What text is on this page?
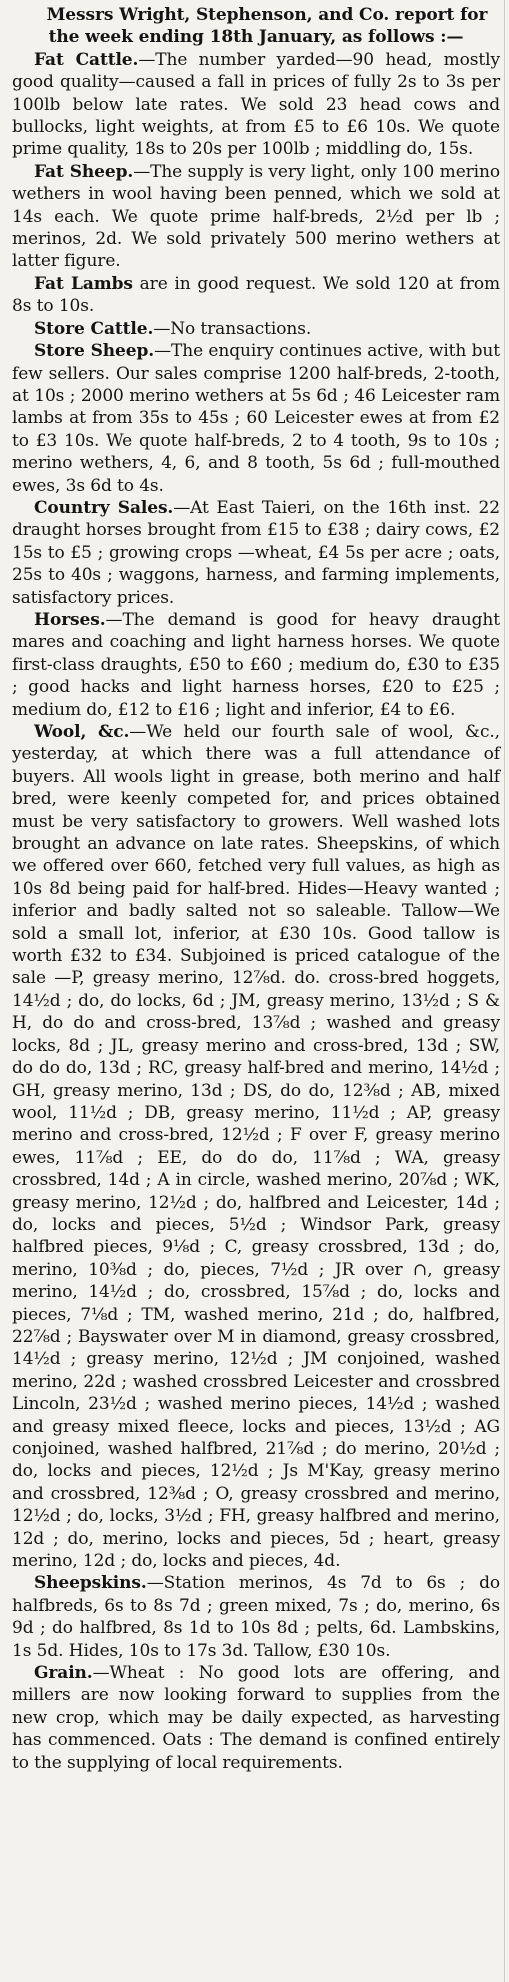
Messrs Wright, Stephenson, and Co. report for the week ending 18th January, as follows :—

Fat Cattle.—The number yarded—90 head, mostly good quality—caused a fall in prices of fully 2s to 3s per 100lb below late rates. We sold 23 head cows and bullocks, light weights, at from £5 to £6 10s. We quote prime quality, 18s to 20s per 100lb ; middling do, 15s.

Fat Sheep.—The supply is very light, only 100 merino wethers in wool having been penned, which we sold at 14s each. We quote prime half-breds, 2½d per lb ; merinos, 2d. We sold privately 500 merino wethers at latter figure.

Fat Lambs are in good request. We sold 120 at from 8s to 10s.

Store Cattle.—No transactions.

Store Sheep.—The enquiry continues active, with but few sellers. Our sales comprise 1200 half-breds, 2-tooth, at 10s ; 2000 merino wethers at 5s 6d ; 46 Leicester ram lambs at from 35s to 45s ; 60 Leicester ewes at from £2 to £3 10s. We quote half-breds, 2 to 4 tooth, 9s to 10s ; merino wethers, 4, 6, and 8 tooth, 5s 6d ; full-mouthed ewes, 3s 6d to 4s.

Country Sales.—At East Taieri, on the 16th inst. 22 draught horses brought from £15 to £38 ; dairy cows, £2 15s to £5 ; growing crops —wheat, £4 5s per acre ; oats, 25s to 40s ; waggons, harness, and farming implements, satisfactory prices.

Horses.—The demand is good for heavy draught mares and coaching and light harness horses. We quote first-class draughts, £50 to £60 ; medium do, £30 to £35 ; good hacks and light harness horses, £20 to £25 ; medium do, £12 to £16 ; light and inferior, £4 to £6.

Wool, &c.—We held our fourth sale of wool, &c., yesterday, at which there was a full attendance of buyers. All wools light in grease, both merino and half bred, were keenly competed for, and prices obtained must be very satisfactory to growers. Well washed lots brought an advance on late rates. Sheepskins, of which we offered over 660, fetched very full values, as high as 10s 8d being paid for half-bred. Hides—Heavy wanted ; inferior and badly salted not so saleable. Tallow—We sold a small lot, inferior, at £30 10s. Good tallow is worth £32 to £34. Subjoined is priced catalogue of the sale —P, greasy merino, 12⅞d. do. cross-bred hoggets, 14½d ; do, do locks, 6d ; JM, greasy merino, 13½d ; S & H, do do and cross-bred, 13⅞d ; washed and greasy locks, 8d ; JL, greasy merino and cross-bred, 13d ; SW, do do do, 13d ; RC, greasy half-bred and merino, 14½d ; GH, greasy merino, 13d ; DS, do do, 12⅜d ; AB, mixed wool, 11½d ; DB, greasy merino, 11½d ; AP, greasy merino and cross-bred, 12½d ; F over F, greasy merino ewes, 11⅞d ; EE, do do do, 11⅞d ; WA, greasy crossbred, 14d ; A in circle, washed merino, 20⅞d ; WK, greasy merino, 12½d ; do, halfbred and Leicester, 14d ; do, locks and pieces, 5½d ; Windsor Park, greasy halfbred pieces, 9⅛d ; C, greasy crossbred, 13d ; do, merino, 10⅜d ; do, pieces, 7½d ; JR over ∩, greasy merino, 14½d ; do, crossbred, 15⅞d ; do, locks and pieces, 7⅛d ; TM, washed merino, 21d ; do, halfbred, 22⅞d ; Bayswater over M in diamond, greasy crossbred, 14½d ; greasy merino, 12½d ; JM conjoined, washed merino, 22d ; washed crossbred Leicester and crossbred Lincoln, 23½d ; washed merino pieces, 14½d ; washed and greasy mixed fleece, locks and pieces, 13½d ; AG conjoined, washed halfbred, 21⅞d ; do merino, 20½d ; do, locks and pieces, 12½d ; Js M'Kay, greasy merino and crossbred, 12⅜d ; O, greasy crossbred and merino, 12½d ; do, locks, 3½d ; FH, greasy halfbred and merino, 12d ; do, merino, locks and pieces, 5d ; heart, greasy merino, 12d ; do, locks and pieces, 4d.

Sheepskins.—Station merinos, 4s 7d to 6s ; do halfbreds, 6s to 8s 7d ; green mixed, 7s ; do, merino, 6s 9d ; do halfbred, 8s 1d to 10s 8d ; pelts, 6d. Lambskins, 1s 5d. Hides, 10s to 17s 3d. Tallow, £30 10s.

Grain.—Wheat : No good lots are offering, and millers are now looking forward to supplies from the new crop, which may be daily expected, as harvesting has commenced. Oats : The demand is confined entirely to the supplying of local requirements.
